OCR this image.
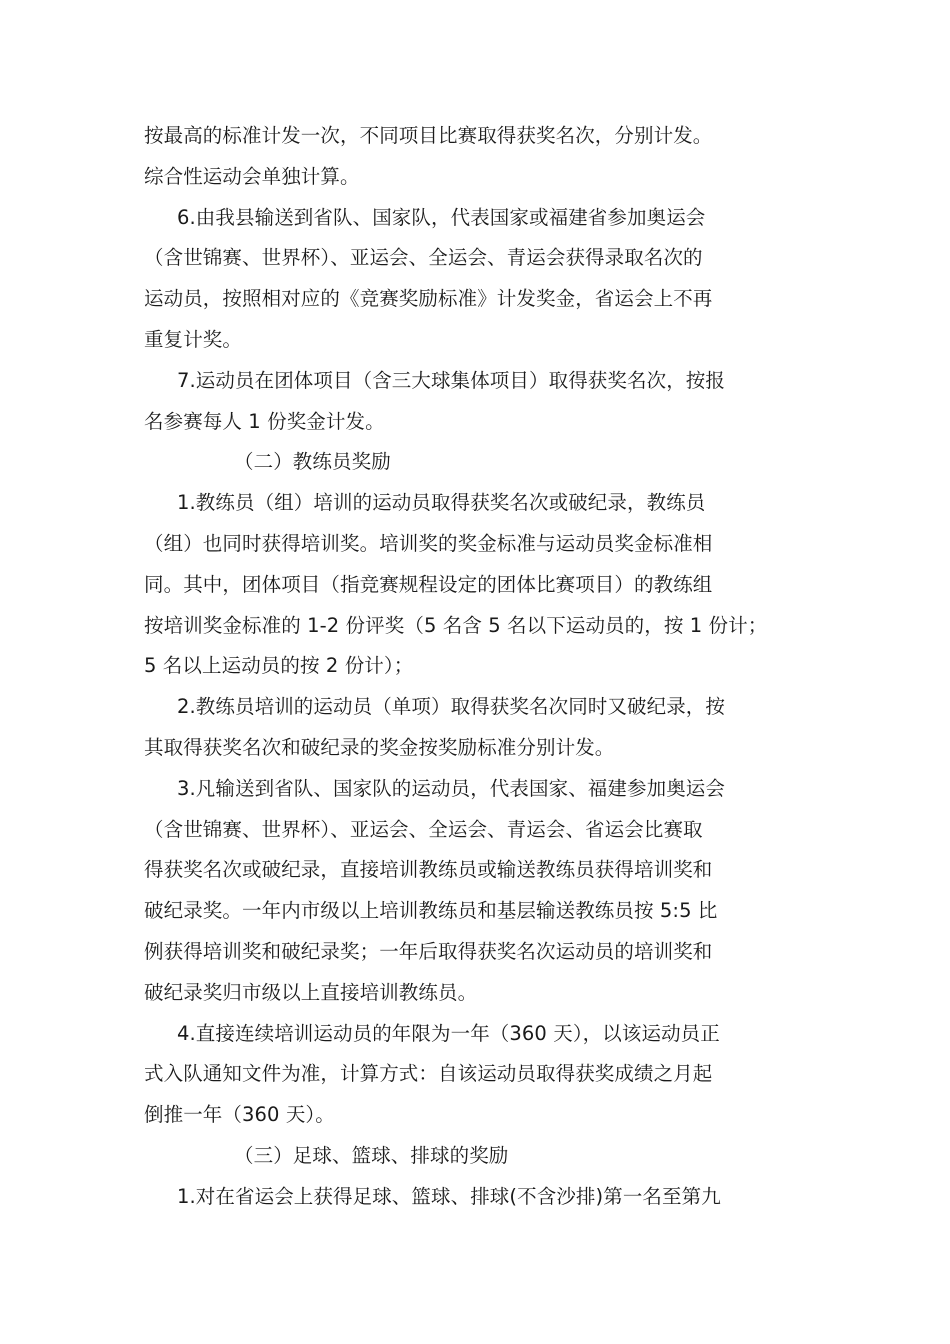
按最高的标准计发一次，不同项目比赛取得获奖名次，分别计发。
综合性运动会单独计算。
6.由我县输送到省队、国家队，代表国家或福建省参加奥运会
（含世锦赛、世界杯）、亚运会、全运会、青运会获得录取名次的
运动员，按照相对应的《竞赛奖励标准》计发奖金，省运会上不再
重复计奖。
7.运动员在团体项目（含三大球集体项目）取得获奖名次，按报
名参赛每人 1 份奖金计发。
（二）教练员奖励
1.教练员（组）培训的运动员取得获奖名次或破纪录，教练员
（组）也同时获得培训奖。培训奖的奖金标准与运动员奖金标准相
同。其中，团体项目（指竞赛规程设定的团体比赛项目）的教练组
按培训奖金标准的 1-2 份评奖（5 名含 5 名以下运动员的，按 1 份计；
5 名以上运动员的按 2 份计）；
2.教练员培训的运动员（单项）取得获奖名次同时又破纪录，按
其取得获奖名次和破纪录的奖金按奖励标准分别计发。
3.凡输送到省队、国家队的运动员，代表国家、福建参加奥运会
（含世锦赛、世界杯）、亚运会、全运会、青运会、省运会比赛取
得获奖名次或破纪录，直接培训教练员或输送教练员获得培训奖和
破纪录奖。一年内市级以上培训教练员和基层输送教练员按 5:5 比
例获得培训奖和破纪录奖；一年后取得获奖名次运动员的培训奖和
破纪录奖归市级以上直接培训教练员。
4.直接连续培训运动员的年限为一年（360 天），以该运动员正
式入队通知文件为准，计算方式：自该运动员取得获奖成绩之月起
倒推一年（360 天）。
（三）足球、篮球、排球的奖励
1.对在省运会上获得足球、篮球、排球(不含沙排)第一名至第九
